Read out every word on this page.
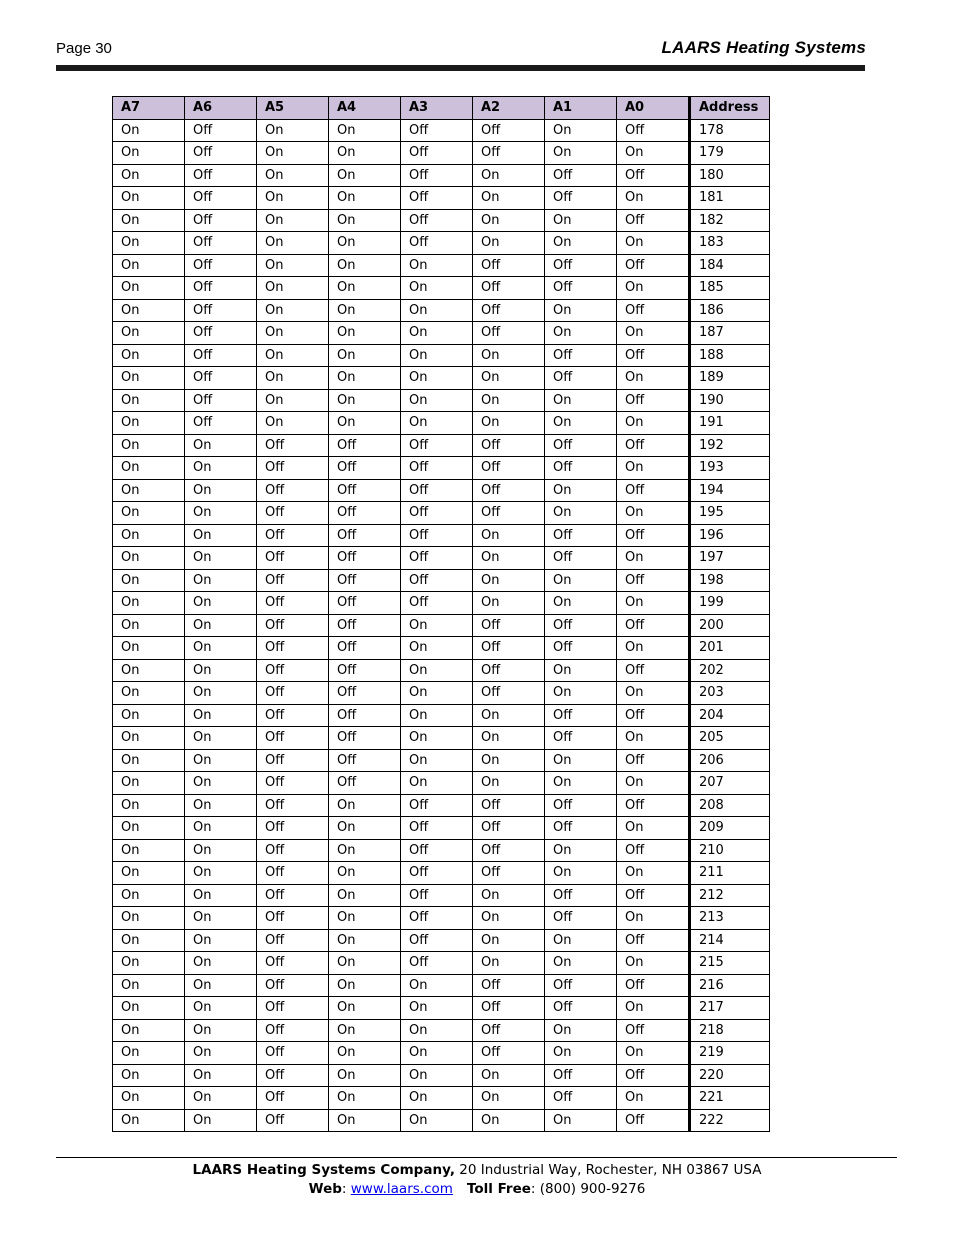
Page 30	LAARS Heating Systems
A7	A6	A5	A4	A3	A2	A1	A0	Address
On	Off	On	On	Off	Off	On	Off	178
On	Off	On	On	Off	Off	On	On	179
On	Off	On	On	Off	On	Off	Off	180
On	Off	On	On	Off	On	Off	On	181
On	Off	On	On	Off	On	On	Off	182
On	Off	On	On	Off	On	On	On	183
On	Off	On	On	On	Off	Off	Off	184
On	Off	On	On	On	Off	Off	On	185
On	Off	On	On	On	Off	On	Off	186
On	Off	On	On	On	Off	On	On	187
On	Off	On	On	On	On	Off	Off	188
On	Off	On	On	On	On	Off	On	189
On	Off	On	On	On	On	On	Off	190
On	Off	On	On	On	On	On	On	191
On	On	Off	Off	Off	Off	Off	Off	192
On	On	Off	Off	Off	Off	Off	On	193
On	On	Off	Off	Off	Off	On	Off	194
On	On	Off	Off	Off	Off	On	On	195
On	On	Off	Off	Off	On	Off	Off	196
On	On	Off	Off	Off	On	Off	On	197
On	On	Off	Off	Off	On	On	Off	198
On	On	Off	Off	Off	On	On	On	199
On	On	Off	Off	On	Off	Off	Off	200
On	On	Off	Off	On	Off	Off	On	201
On	On	Off	Off	On	Off	On	Off	202
On	On	Off	Off	On	Off	On	On	203
On	On	Off	Off	On	On	Off	Off	204
On	On	Off	Off	On	On	Off	On	205
On	On	Off	Off	On	On	On	Off	206
On	On	Off	Off	On	On	On	On	207
On	On	Off	On	Off	Off	Off	Off	208
On	On	Off	On	Off	Off	Off	On	209
On	On	Off	On	Off	Off	On	Off	210
On	On	Off	On	Off	Off	On	On	211
On	On	Off	On	Off	On	Off	Off	212
On	On	Off	On	Off	On	Off	On	213
On	On	Off	On	Off	On	On	Off	214
On	On	Off	On	Off	On	On	On	215
On	On	Off	On	On	Off	Off	Off	216
On	On	Off	On	On	Off	Off	On	217
On	On	Off	On	On	Off	On	Off	218
On	On	Off	On	On	Off	On	On	219
On	On	Off	On	On	On	Off	Off	220
On	On	Off	On	On	On	Off	On	221
On	On	Off	On	On	On	On	Off	222
LAARS Heating Systems Company, 20 Industrial Way, Rochester, NH 03867 USA
Web: www.laars.com Toll Free: (800) 900-9276
